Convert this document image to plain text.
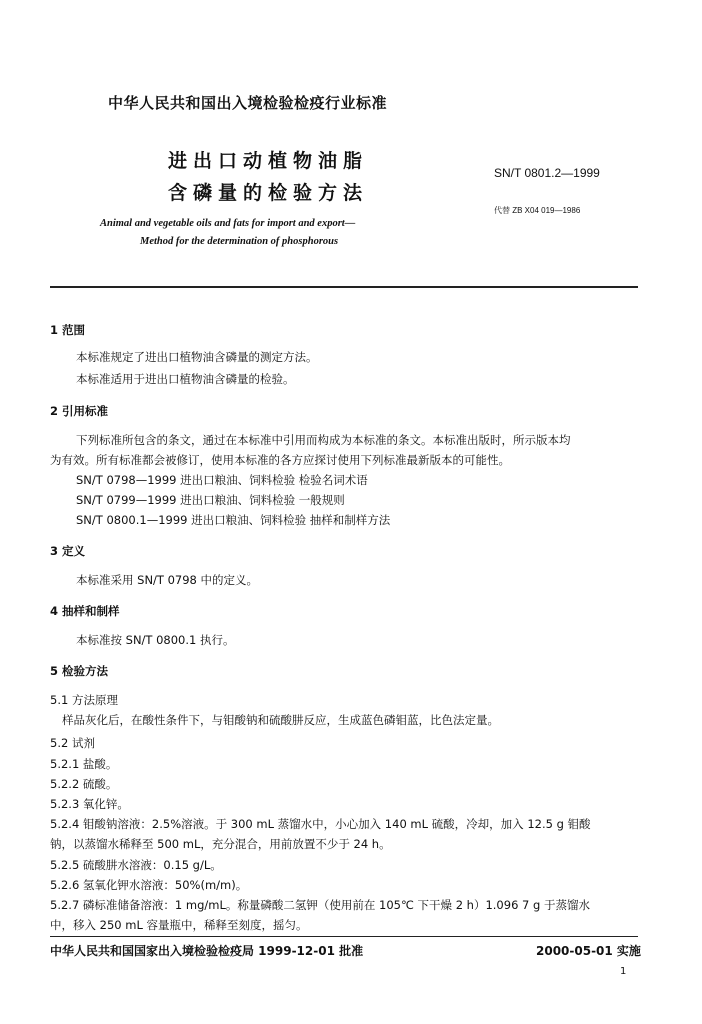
中华人民共和国出入境检验检疫行业标准
进出口动植物油脂
含磷量的检验方法
SN/T 0801.2—1999
代替 ZB X04 019—1986
Animal and vegetable oils and fats for import and export—
Method for the determination of phosphorous
1 范围
本标准规定了进出口植物油含磷量的测定方法。
本标准适用于进出口植物油含磷量的检验。
2 引用标准
下列标准所包含的条文，通过在本标准中引用而构成为本标准的条文。本标准出版时，所示版本均
为有效。所有标准都会被修订，使用本标准的各方应探讨使用下列标准最新版本的可能性。
SN/T 0798—1999 进出口粮油、饲料检验 检验名词术语
SN/T 0799—1999 进出口粮油、饲料检验 一般规则
SN/T 0800.1—1999 进出口粮油、饲料检验 抽样和制样方法
3 定义
本标准采用 SN/T 0798 中的定义。
4 抽样和制样
本标准按 SN/T 0800.1 执行。
5 检验方法
5.1 方法原理
样品灰化后，在酸性条件下，与钼酸钠和硫酸肼反应，生成蓝色磷钼蓝，比色法定量。
5.2 试剂
5.2.1 盐酸。
5.2.2 硫酸。
5.2.3 氧化锌。
5.2.4 钼酸钠溶液：2.5%溶液。于 300 mL 蒸馏水中，小心加入 140 mL 硫酸，冷却，加入 12.5 g 钼酸
钠，以蒸馏水稀释至 500 mL，充分混合，用前放置不少于 24 h。
5.2.5 硫酸肼水溶液：0.15 g/L。
5.2.6 氢氧化钾水溶液：50%(m/m)。
5.2.7 磷标准储备溶液：1 mg/mL。称量磷酸二氢钾（使用前在 105℃ 下干燥 2 h）1.096 7 g 于蒸馏水
中，移入 250 mL 容量瓶中，稀释至刻度，摇匀。
中华人民共和国国家出入境检验检疫局 1999-12-01 批准	2000-05-01 实施
1
